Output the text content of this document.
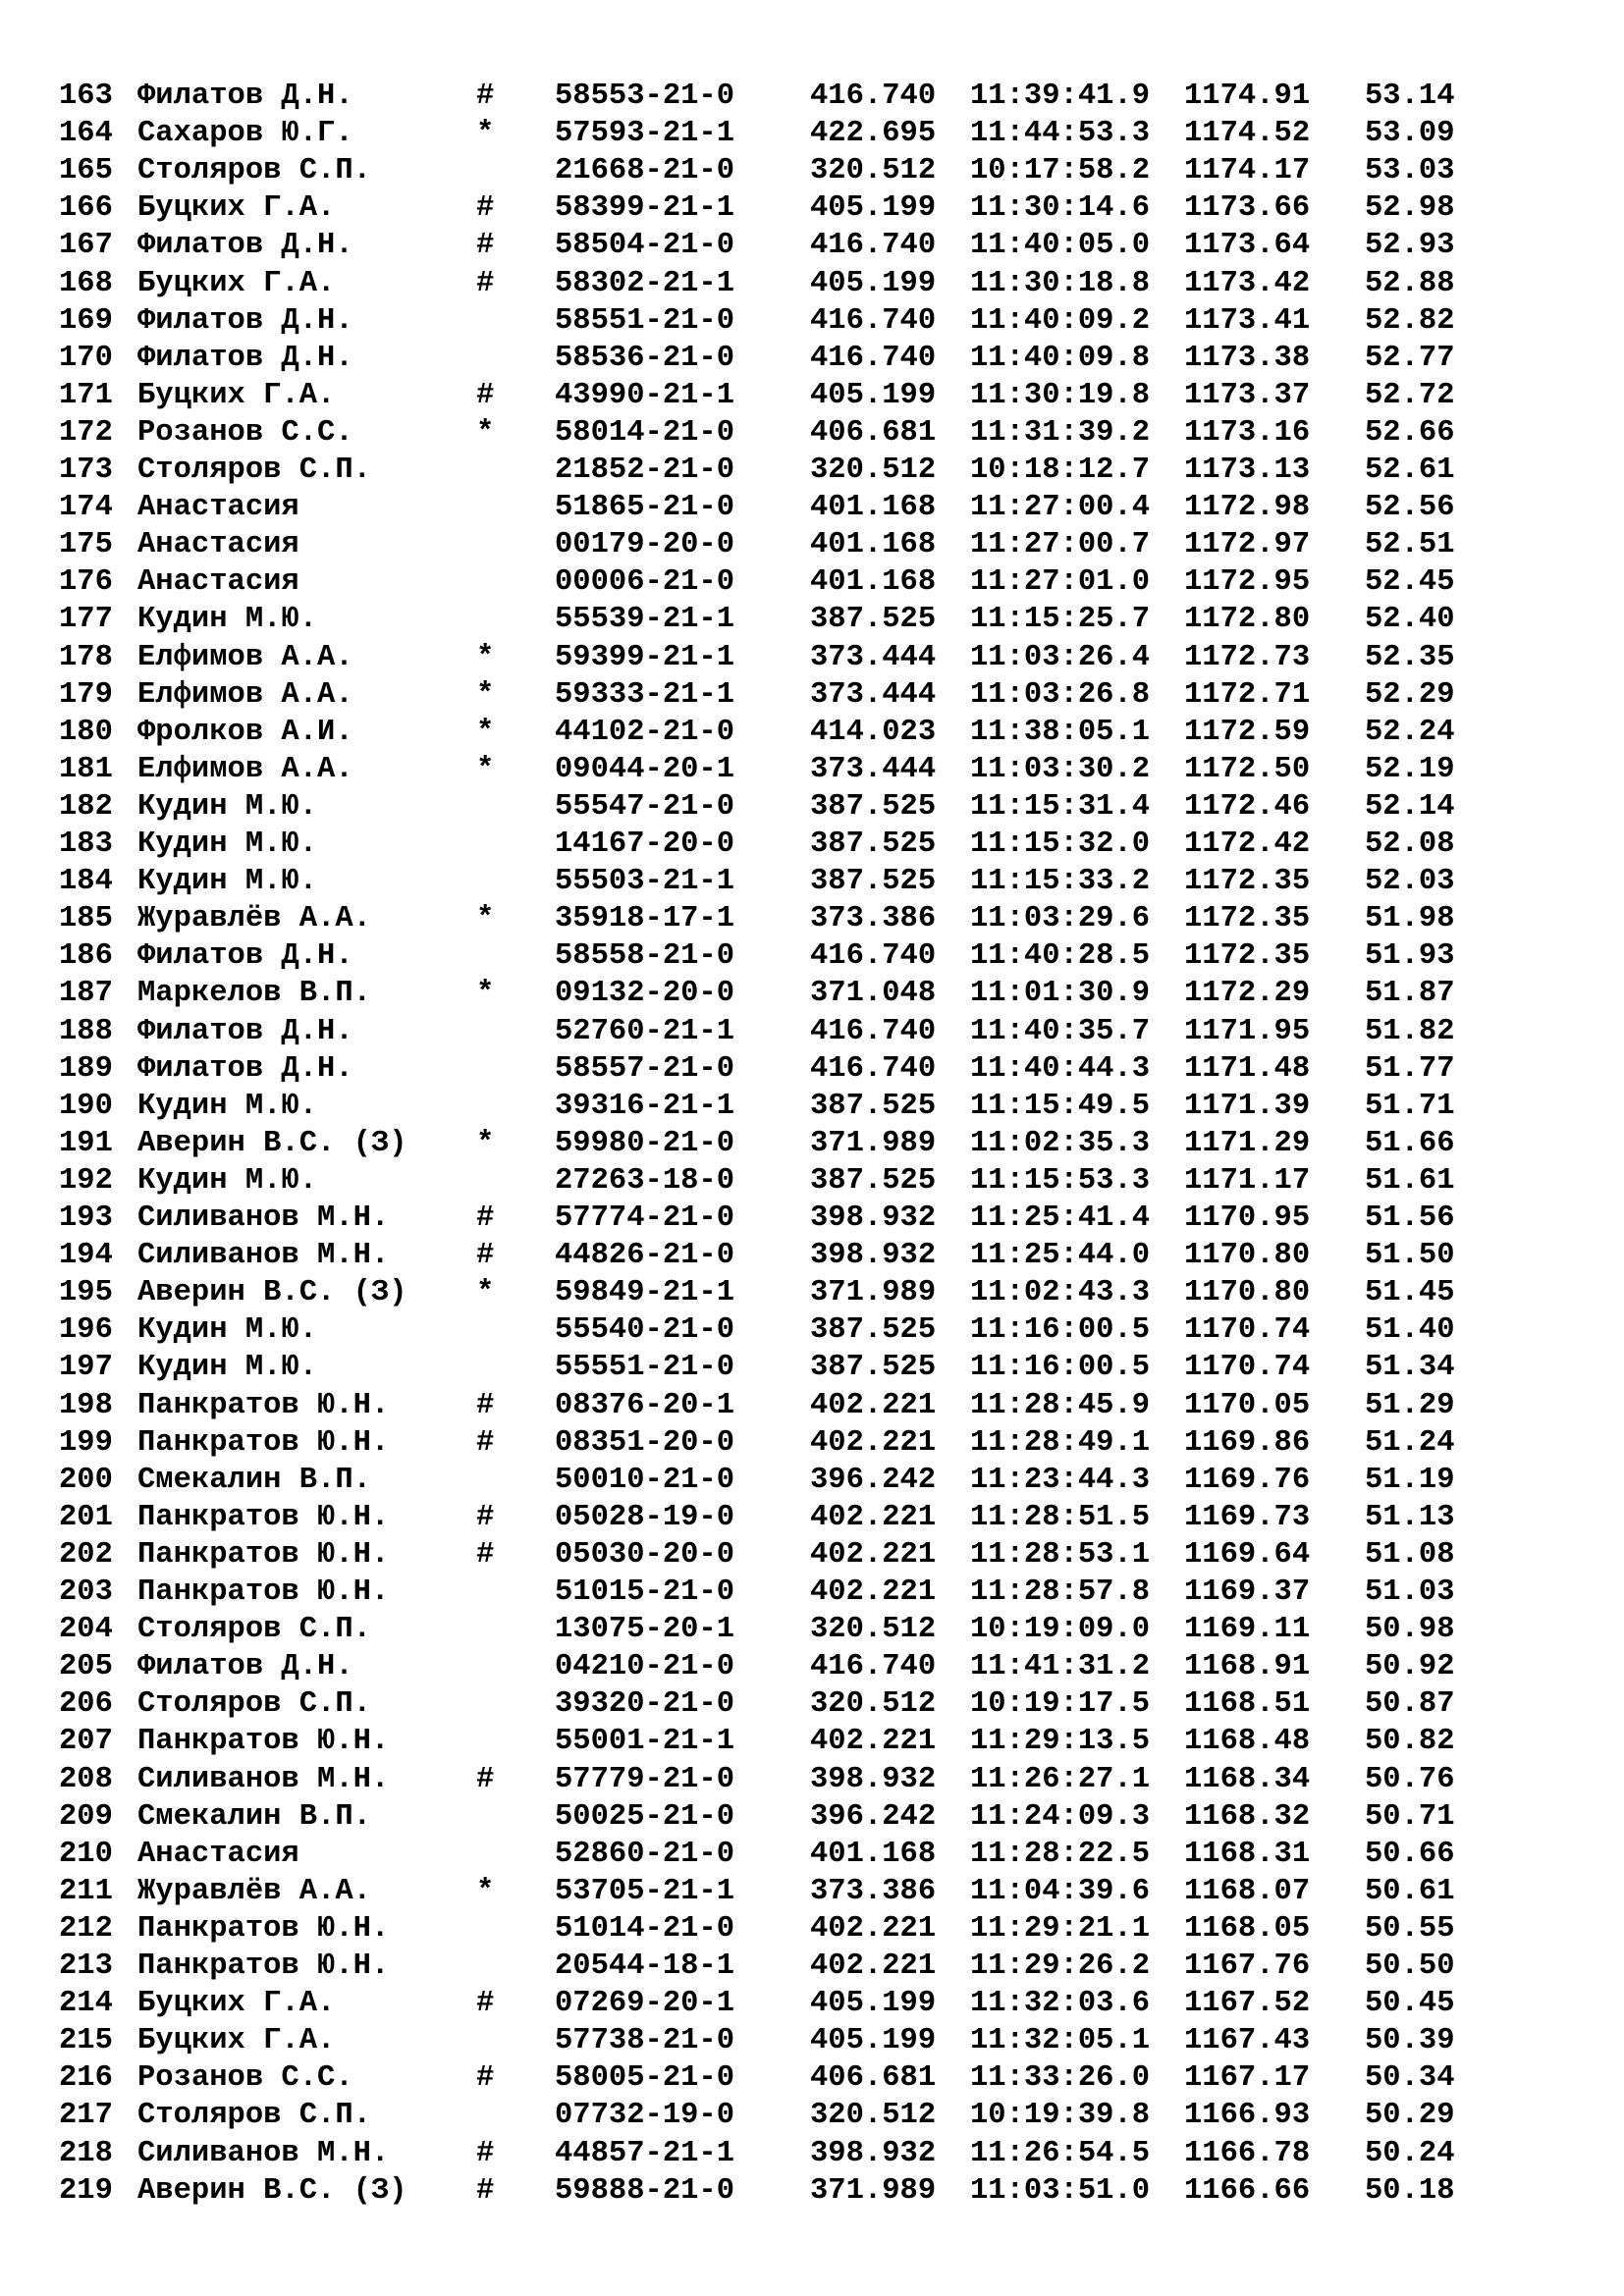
163 Филатов Д.Н.	# 58553-21-0	416.740 11:39:41.9 1174.91 53.14
164 Сахаров Ю.Г.	* 57593-21-1	422.695 11:44:53.3 1174.52 53.09
165 Столяров С.П.	21668-21-0	320.512 10:17:58.2 1174.17 53.03
166 Буцких Г.А.	# 58399-21-1	405.199 11:30:14.6 1173.66 52.98
167 Филатов Д.Н.	# 58504-21-0	416.740 11:40:05.0 1173.64 52.93
168 Буцких Г.А.	# 58302-21-1	405.199 11:30:18.8 1173.42 52.88
169 Филатов Д.Н.	58551-21-0	416.740 11:40:09.2 1173.41 52.82
170 Филатов Д.Н.	58536-21-0	416.740 11:40:09.8 1173.38 52.77
171 Буцких Г.А.	# 43990-21-1	405.199 11:30:19.8 1173.37 52.72
172 Розанов С.С.	* 58014-21-0	406.681 11:31:39.2 1173.16 52.66
173 Столяров С.П.	21852-21-0	320.512 10:18:12.7 1173.13 52.61
174 Анастасия	51865-21-0	401.168 11:27:00.4 1172.98 52.56
175 Анастасия	00179-20-0	401.168 11:27:00.7 1172.97 52.51
176 Анастасия	00006-21-0	401.168 11:27:01.0 1172.95 52.45
177 Кудин М.Ю.	55539-21-1	387.525 11:15:25.7 1172.80 52.40
178 Елфимов А.А.	* 59399-21-1	373.444 11:03:26.4 1172.73 52.35
179 Елфимов А.А.	* 59333-21-1	373.444 11:03:26.8 1172.71 52.29
180 Фролков А.И.	* 44102-21-0	414.023 11:38:05.1 1172.59 52.24
181 Елфимов А.А.	* 09044-20-1	373.444 11:03:30.2 1172.50 52.19
182 Кудин М.Ю.	55547-21-0	387.525 11:15:31.4 1172.46 52.14
183 Кудин М.Ю.	14167-20-0	387.525 11:15:32.0 1172.42 52.08
184 Кудин М.Ю.	55503-21-1	387.525 11:15:33.2 1172.35 52.03
185 Журавлёв А.А.	* 35918-17-1	373.386 11:03:29.6 1172.35 51.98
186 Филатов Д.Н.	58558-21-0	416.740 11:40:28.5 1172.35 51.93
187 Маркелов В.П.	* 09132-20-0	371.048 11:01:30.9 1172.29 51.87
188 Филатов Д.Н.	52760-21-1	416.740 11:40:35.7 1171.95 51.82
189 Филатов Д.Н.	58557-21-0	416.740 11:40:44.3 1171.48 51.77
190 Кудин М.Ю.	39316-21-1	387.525 11:15:49.5 1171.39 51.71
191 Аверин В.С. (З) * 59980-21-0	371.989 11:02:35.3 1171.29 51.66
192 Кудин М.Ю.	27263-18-0	387.525 11:15:53.3 1171.17 51.61
193 Силиванов М.Н.	# 57774-21-0	398.932 11:25:41.4 1170.95 51.56
194 Силиванов М.Н.	# 44826-21-0	398.932 11:25:44.0 1170.80 51.50
195 Аверин В.С. (З) * 59849-21-1	371.989 11:02:43.3 1170.80 51.45
196 Кудин М.Ю.	55540-21-0	387.525 11:16:00.5 1170.74 51.40
197 Кудин М.Ю.	55551-21-0	387.525 11:16:00.5 1170.74 51.34
198 Панкратов Ю.Н.	# 08376-20-1	402.221 11:28:45.9 1170.05 51.29
199 Панкратов Ю.Н.	# 08351-20-0	402.221 11:28:49.1 1169.86 51.24
200 Смекалин В.П.	50010-21-0	396.242 11:23:44.3 1169.76 51.19
201 Панкратов Ю.Н.	# 05028-19-0	402.221 11:28:51.5 1169.73 51.13
202 Панкратов Ю.Н.	# 05030-20-0	402.221 11:28:53.1 1169.64 51.08
203 Панкратов Ю.Н.	51015-21-0	402.221 11:28:57.8 1169.37 51.03
204 Столяров С.П.	13075-20-1	320.512 10:19:09.0 1169.11 50.98
205 Филатов Д.Н.	04210-21-0	416.740 11:41:31.2 1168.91 50.92
206 Столяров С.П.	39320-21-0	320.512 10:19:17.5 1168.51 50.87
207 Панкратов Ю.Н.	55001-21-1	402.221 11:29:13.5 1168.48 50.82
208 Силиванов М.Н.	# 57779-21-0	398.932 11:26:27.1 1168.34 50.76
209 Смекалин В.П.	50025-21-0	396.242 11:24:09.3 1168.32 50.71
210 Анастасия	52860-21-0	401.168 11:28:22.5 1168.31 50.66
211 Журавлёв А.А.	* 53705-21-1	373.386 11:04:39.6 1168.07 50.61
212 Панкратов Ю.Н.	51014-21-0	402.221 11:29:21.1 1168.05 50.55
213 Панкратов Ю.Н.	20544-18-1	402.221 11:29:26.2 1167.76 50.50
214 Буцких Г.А.	# 07269-20-1	405.199 11:32:03.6 1167.52 50.45
215 Буцких Г.А.	57738-21-0	405.199 11:32:05.1 1167.43 50.39
216 Розанов С.С.	# 58005-21-0	406.681 11:33:26.0 1167.17 50.34
217 Столяров С.П.	07732-19-0	320.512 10:19:39.8 1166.93 50.29
218 Силиванов М.Н.	# 44857-21-1	398.932 11:26:54.5 1166.78 50.24
219 Аверин В.С. (З) # 59888-21-0	371.989 11:03:51.0 1166.66 50.18
